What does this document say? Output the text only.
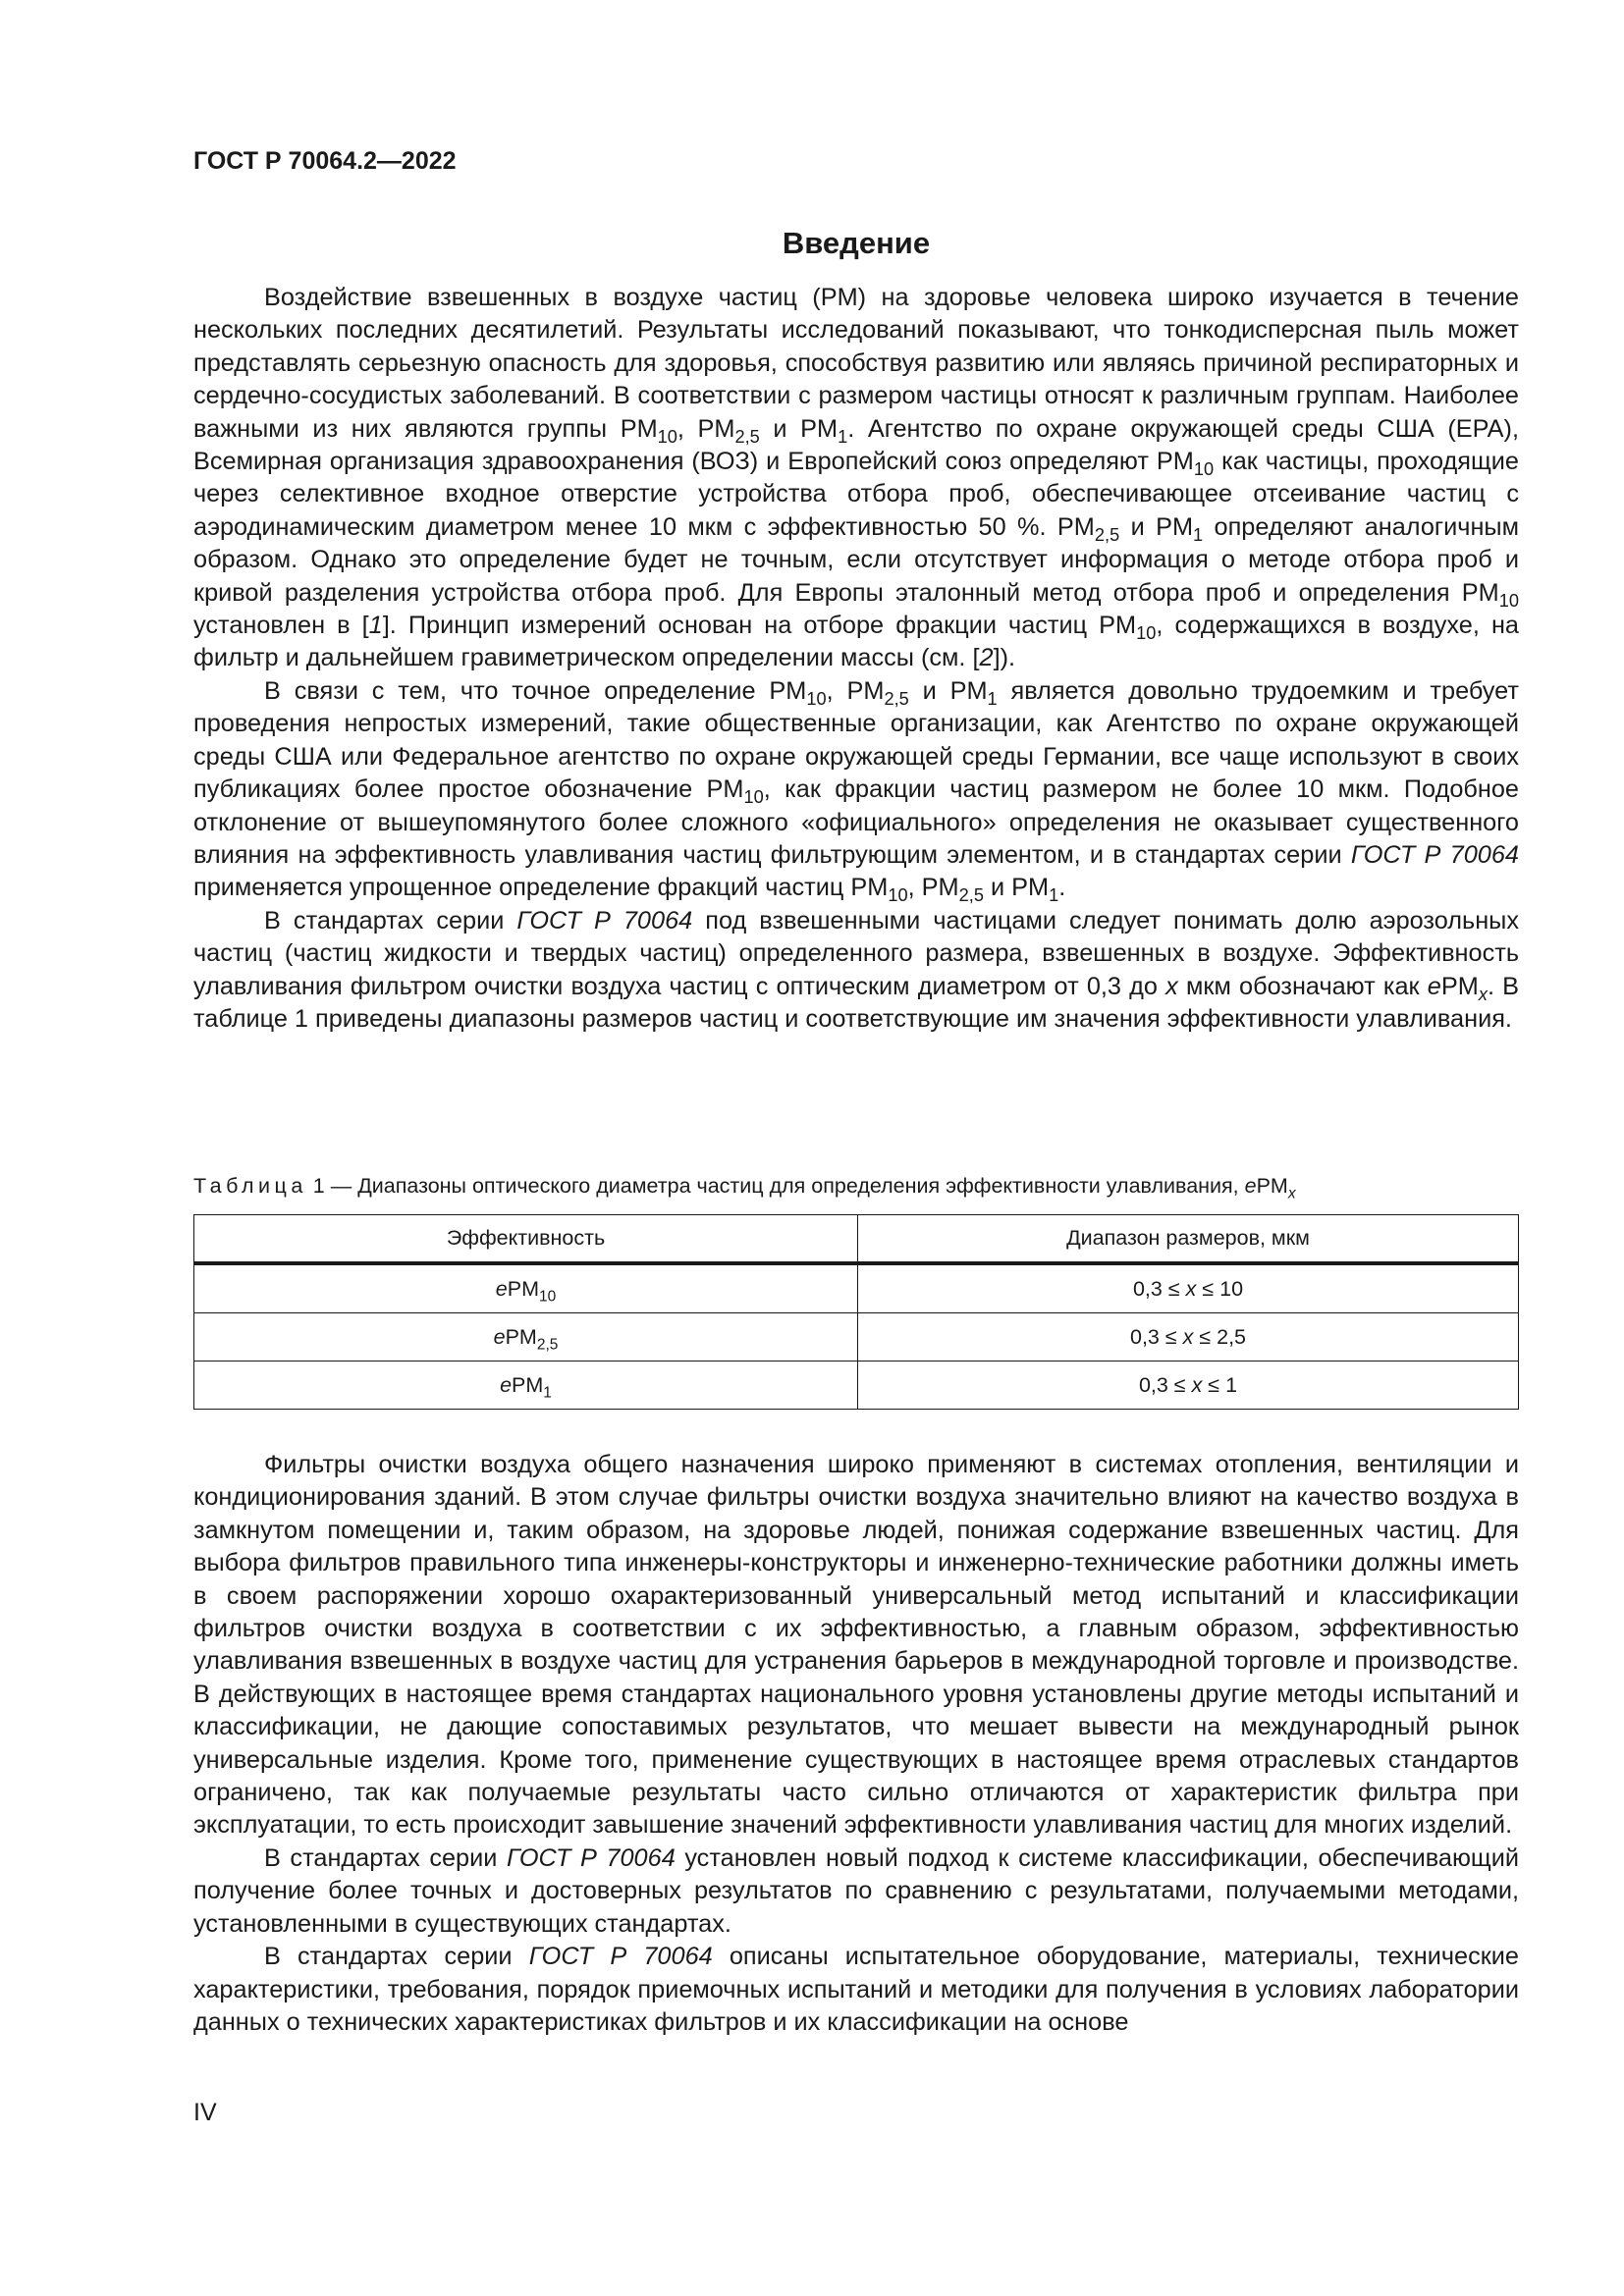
ГОСТ Р 70064.2—2022
Введение

Воздействие взвешенных в воздухе частиц (PM) на здоровье человека широко изучается в течение нескольких последних десятилетий. Результаты исследований показывают, что тонкодисперсная пыль может представлять серьезную опасность для здоровья, способствуя развитию или являясь причиной респираторных и сердечно-сосудистых заболеваний. В соответствии с размером частицы относят к различным группам. Наиболее важными из них являются группы $PM_{10}$, $PM_{2,5}$ и $PM_1$. Агентство по охране окружающей среды США (EPA), Всемирная организация здравоохранения (ВОЗ) и Европейский союз определяют $PM_{10}$ как частицы, проходящие через селективное входное отверстие устройства отбора проб, обеспечивающее отсеивание частиц с аэродинамическим диаметром менее 10 мкм с эффективностью 50 %. $PM_{2,5}$ и $PM_1$ определяют аналогичным образом. Однако это определение будет не точным, если отсутствует информация о методе отбора проб и кривой разделения устройства отбора проб. Для Европы эталонный метод отбора проб и определения $PM_{10}$ установлен в [1]. Принцип измерений основан на отборе фракции частиц $PM_{10}$, содержащихся в воздухе, на фильтр и дальнейшем гравиметрическом определении массы (см. [2]).

В связи с тем, что точное определение $PM_{10}$, $PM_{2,5}$ и $PM_1$ является довольно трудоемким и требует проведения непростых измерений, такие общественные организации, как Агентство по охране окружающей среды США или Федеральное агентство по охране окружающей среды Германии, все чаще используют в своих публикациях более простое обозначение $PM_{10}$, как фракции частиц размером не более 10 мкм. Подобное отклонение от вышеупомянутого более сложного «официального» определения не оказывает существенного влияния на эффективность улавливания частиц фильтрующим элементом, и в стандартах серии ГОСТ Р 70064 применяется упрощенное определение фракций частиц $PM_{10}$, $PM_{2,5}$ и $PM_1$.

В стандартах серии ГОСТ Р 70064 под взвешенными частицами следует понимать долю аэрозольных частиц (частиц жидкости и твердых частиц) определенного размера, взвешенных в воздухе. Эффективность улавливания фильтром очистки воздуха частиц с оптическим диаметром от 0,3 до x мкм обозначают как ePM$_x$. В таблице 1 приведены диапазоны размеров частиц и соответствующие им значения эффективности улавливания.

Таблица 1 — Диапазоны оптического диаметра частиц для определения эффективности улавливания, ePM$_x$
Эффективность	Диапазон размеров, мкм
ePM$_{10}$	0,3 ≤ x ≤ 10
ePM$_{2,5}$	0,3 ≤ x ≤ 2,5
ePM$_1$	0,3 ≤ x ≤ 1

Фильтры очистки воздуха общего назначения широко применяют в системах отопления, вентиляции и кондиционирования зданий. В этом случае фильтры очистки воздуха значительно влияют на качество воздуха в замкнутом помещении и, таким образом, на здоровье людей, понижая содержание взвешенных частиц. Для выбора фильтров правильного типа инженеры-конструкторы и инженерно-технические работники должны иметь в своем распоряжении хорошо охарактеризованный универсальный метод испытаний и классификации фильтров очистки воздуха в соответствии с их эффективностью, а главным образом, эффективностью улавливания взвешенных в воздухе частиц для устранения барьеров в международной торговле и производстве. В действующих в настоящее время стандартах национального уровня установлены другие методы испытаний и классификации, не дающие сопоставимых результатов, что мешает вывести на международный рынок универсальные изделия. Кроме того, применение существующих в настоящее время отраслевых стандартов ограничено, так как получаемые результаты часто сильно отличаются от характеристик фильтра при эксплуатации, то есть происходит завышение значений эффективности улавливания частиц для многих изделий.

В стандартах серии ГОСТ Р 70064 установлен новый подход к системе классификации, обеспечивающий получение более точных и достоверных результатов по сравнению с результатами, получаемыми методами, установленными в существующих стандартах.

В стандартах серии ГОСТ Р 70064 описаны испытательное оборудование, материалы, технические характеристики, требования, порядок приемочных испытаний и методики для получения в условиях лаборатории данных о технических характеристиках фильтров и их классификации на основе

IV
